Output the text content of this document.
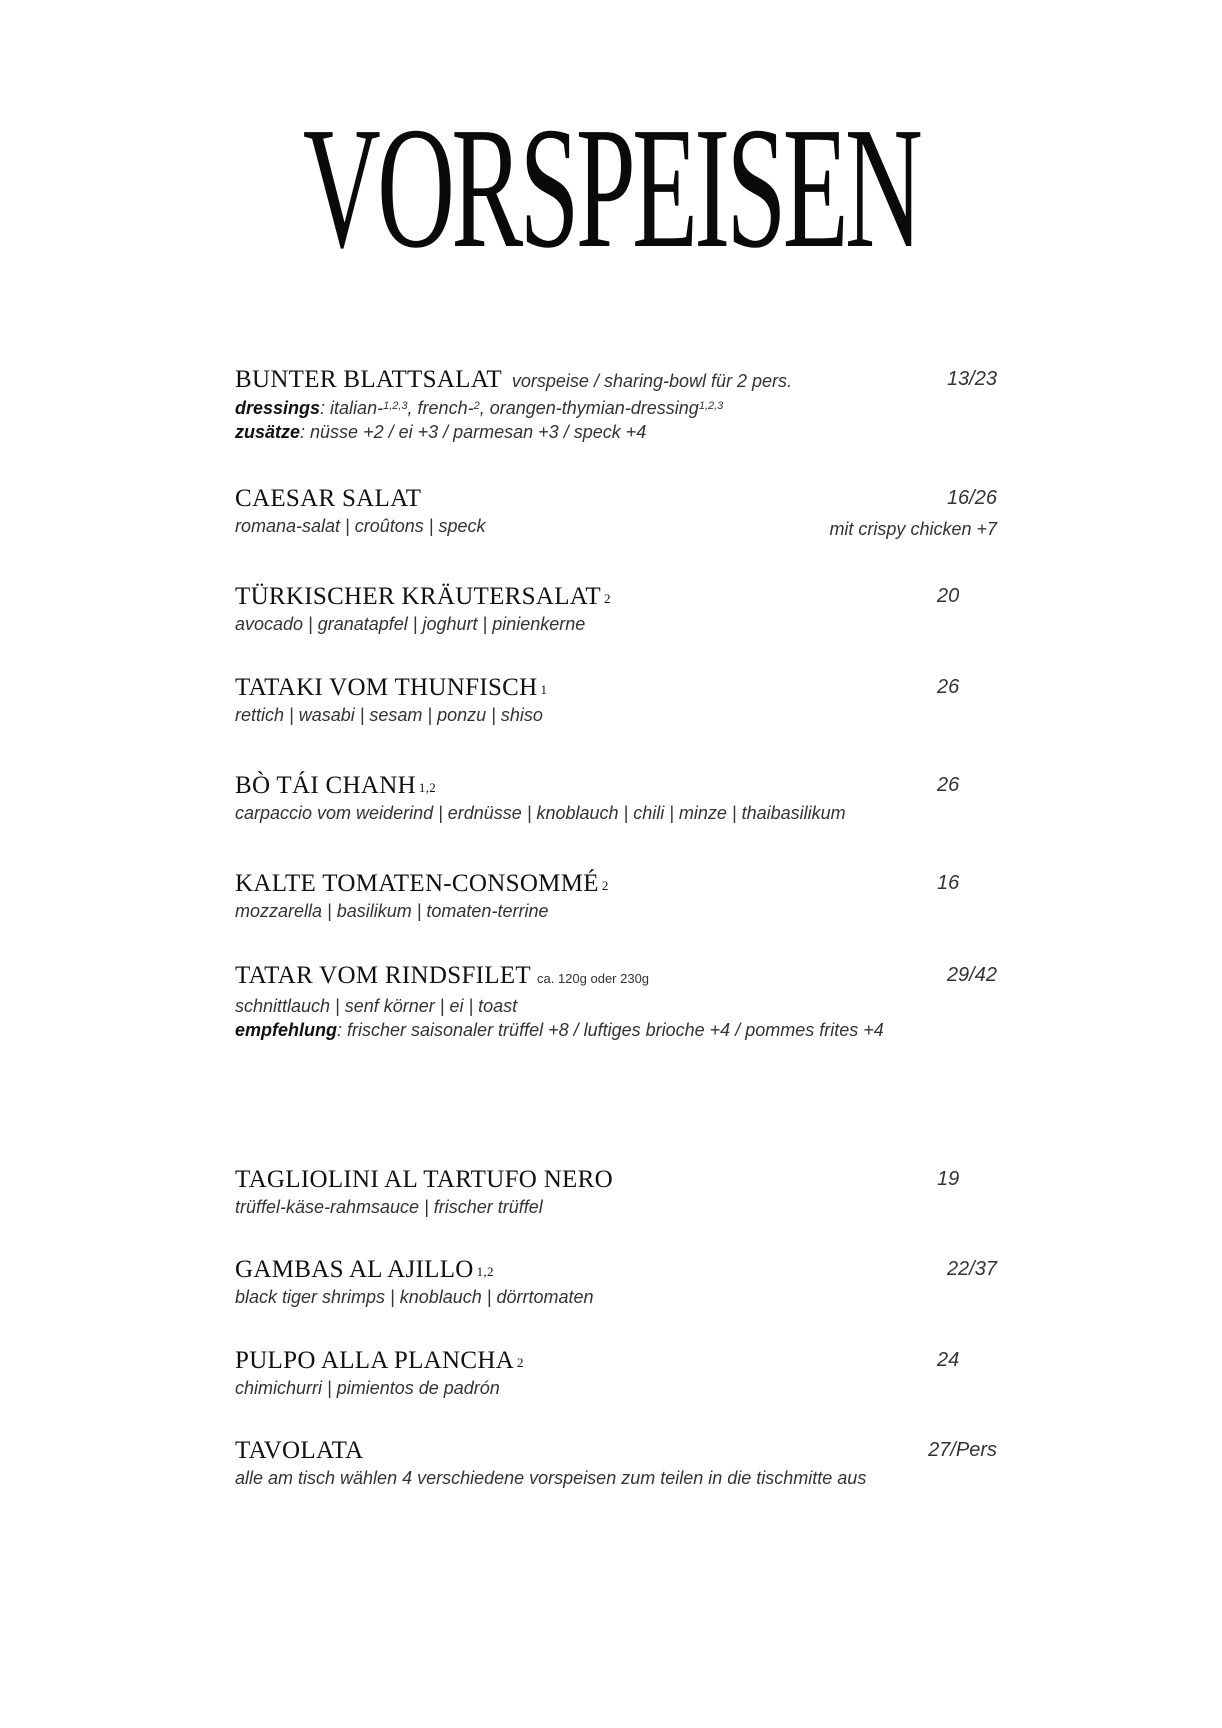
VORSPEISEN
BUNTER BLATTSALAT vorspeise / sharing-bowl für 2 pers.	13/23
dressings: italian-$^{1,2,3}$, french-$^2$, orangen-thymian-dressing$^{1,2,3}$
zusätze: nüsse +2 / ei +3 / parmesan +3 / speck +4
CAESAR SALAT	16/26
romana-salat | croûtons | speck	mit crispy chicken +7
TÜRKISCHER KRÄUTERSALAT $^2$	20
avocado | granatapfel | joghurt | pinienkerne
TATAKI VOM THUNFISCH $^1$	26
rettich | wasabi | sesam | ponzu | shiso
BÒ TÁI CHANH $^{1,2}$	26
carpaccio vom weiderind | erdnüsse | knoblauch | chili | minze | thaibasilikum
KALTE TOMATEN-CONSOMMÉ $^2$	16
mozzarella | basilikum | tomaten-terrine
TATAR VOM RINDSFILET ca. 120g oder 230g	29/42
schnittlauch | senf körner | ei | toast
empfehlung: frischer saisonaler trüffel +8 / luftiges brioche +4 / pommes frites +4
TAGLIOLINI AL TARTUFO NERO	19
trüffel-käse-rahmsauce | frischer trüffel
GAMBAS AL AJILLO $^{1,2}$	22/37
black tiger shrimps | knoblauch | dörrtomaten
PULPO ALLA PLANCHA $^2$	24
chimichurri | pimientos de padrón
TAVOLATA	27/Pers
alle am tisch wählen 4 verschiedene vorspeisen zum teilen in die tischmitte aus
